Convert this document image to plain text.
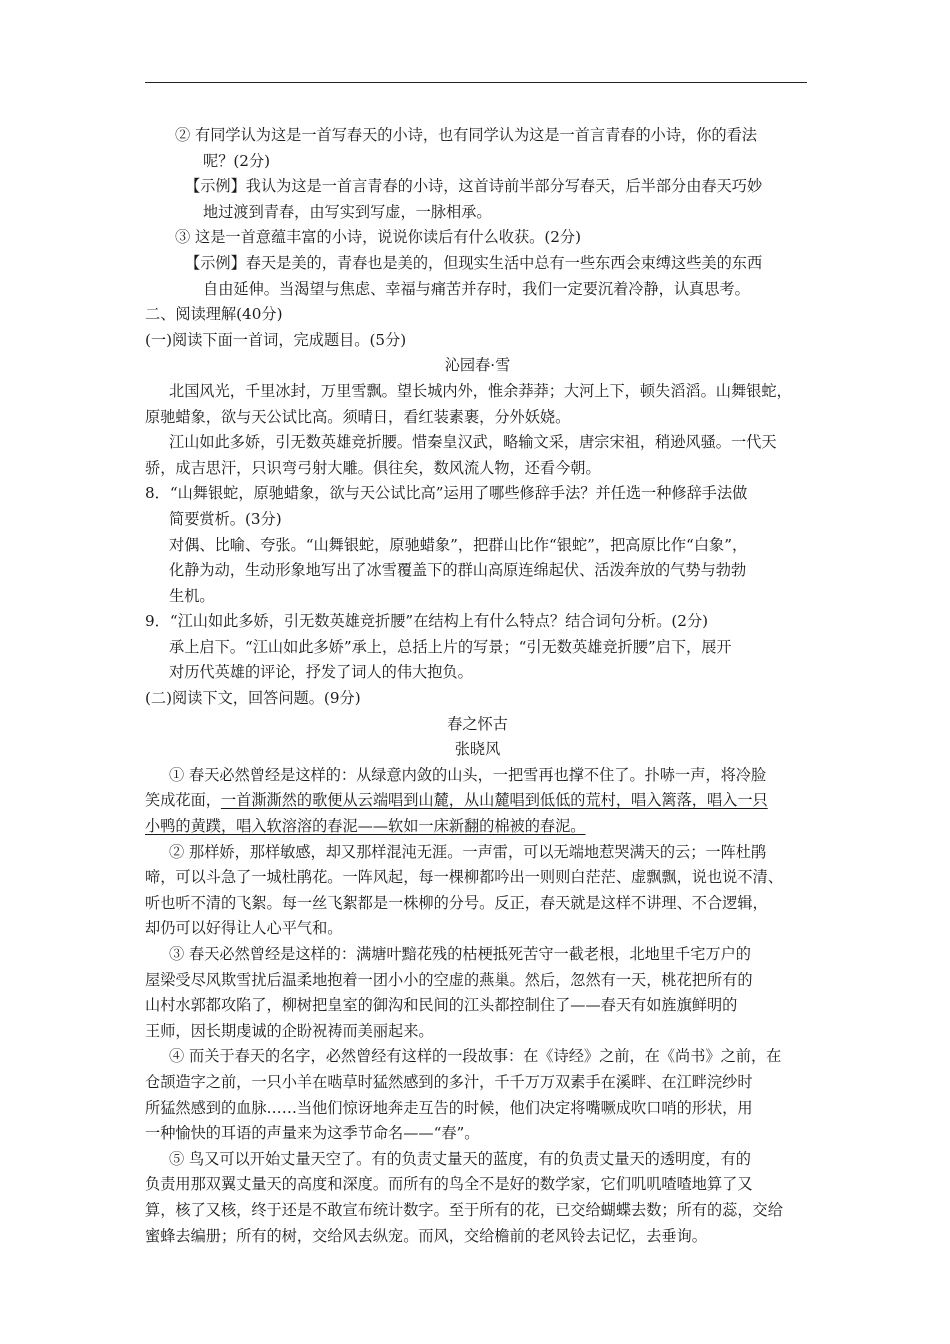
② 有同学认为这是一首写春天的小诗，也有同学认为这是一首言青春的小诗，你的看法

呢？(2分)

【示例】我认为这是一首言青春的小诗，这首诗前半部分写春天，后半部分由春天巧妙

地过渡到青春，由写实到写虚，一脉相承。

③ 这是一首意蕴丰富的小诗，说说你读后有什么收获。(2分)

【示例】春天是美的，青春也是美的，但现实生活中总有一些东西会束缚这些美的东西

自由延伸。当渴望与焦虑、幸福与痛苦并存时，我们一定要沉着冷静，认真思考。

二、阅读理解(40分)

(一)阅读下面一首词，完成题目。(5分)

沁园春·雪

北国风光，千里冰封，万里雪飘。望长城内外，惟余莽莽；大河上下，顿失滔滔。山舞银蛇，

原驰蜡象，欲与天公试比高。须晴日，看红装素裹，分外妖娆。

江山如此多娇，引无数英雄竞折腰。惜秦皇汉武，略输文采，唐宗宋祖，稍逊风骚。一代天

骄，成吉思汗，只识弯弓射大雕。俱往矣，数风流人物，还看今朝。

8．“山舞银蛇，原驰蜡象，欲与天公试比高”运用了哪些修辞手法？并任选一种修辞手法做

简要赏析。(3分)

对偶、比喻、夸张。“山舞银蛇，原驰蜡象”，把群山比作“银蛇”，把高原比作“白象”，

化静为动，生动形象地写出了冰雪覆盖下的群山高原连绵起伏、活泼奔放的气势与勃勃

生机。

9．“江山如此多娇，引无数英雄竞折腰”在结构上有什么特点？结合词句分析。(2分)

承上启下。“江山如此多娇”承上，总括上片的写景；“引无数英雄竞折腰”启下，展开

对历代英雄的评论，抒发了词人的伟大抱负。

(二)阅读下文，回答问题。(9分)

春之怀古

张晓风

① 春天必然曾经是这样的：从绿意内敛的山头，一把雪再也撑不住了。扑哧一声，将冷脸

笑成花面，一首澌澌然的歌便从云端唱到山麓，从山麓唱到低低的荒村，唱入篱落，唱入一只

小鸭的黄蹼，唱入软溶溶的春泥——软如一床新翻的棉被的春泥。

② 那样娇，那样敏感，却又那样混沌无涯。一声雷，可以无端地惹哭满天的云；一阵杜鹃

啼，可以斗急了一城杜鹃花。一阵风起，每一棵柳都吟出一则则白茫茫、虚飘飘，说也说不清、

听也听不清的飞絮。每一丝飞絮都是一株柳的分号。反正，春天就是这样不讲理、不合逻辑，

却仍可以好得让人心平气和。

③ 春天必然曾经是这样的：满塘叶黯花残的枯梗抵死苦守一截老根，北地里千宅万户的

屋梁受尽风欺雪扰后温柔地抱着一团小小的空虚的燕巢。然后，忽然有一天，桃花把所有的

山村水郭都攻陷了，柳树把皇室的御沟和民间的江头都控制住了——春天有如旌旗鲜明的

王师，因长期虔诚的企盼祝祷而美丽起来。

④ 而关于春天的名字，必然曾经有这样的一段故事：在《诗经》之前，在《尚书》之前，在

仓颉造字之前，一只小羊在啮草时猛然感到的多汁，千千万万双素手在溪畔、在江畔浣纱时

所猛然感到的血脉……当他们惊讶地奔走互告的时候，他们决定将嘴噘成吹口哨的形状，用

一种愉快的耳语的声量来为这季节命名——“春”。

⑤ 鸟又可以开始丈量天空了。有的负责丈量天的蓝度，有的负责丈量天的透明度，有的

负责用那双翼丈量天的高度和深度。而所有的鸟全不是好的数学家，它们叽叽喳喳地算了又

算，核了又核，终于还是不敢宣布统计数字。至于所有的花，已交给蝴蝶去数；所有的蕊，交给

蜜蜂去编册；所有的树，交给风去纵宠。而风，交给檐前的老风铃去记忆，去垂询。
